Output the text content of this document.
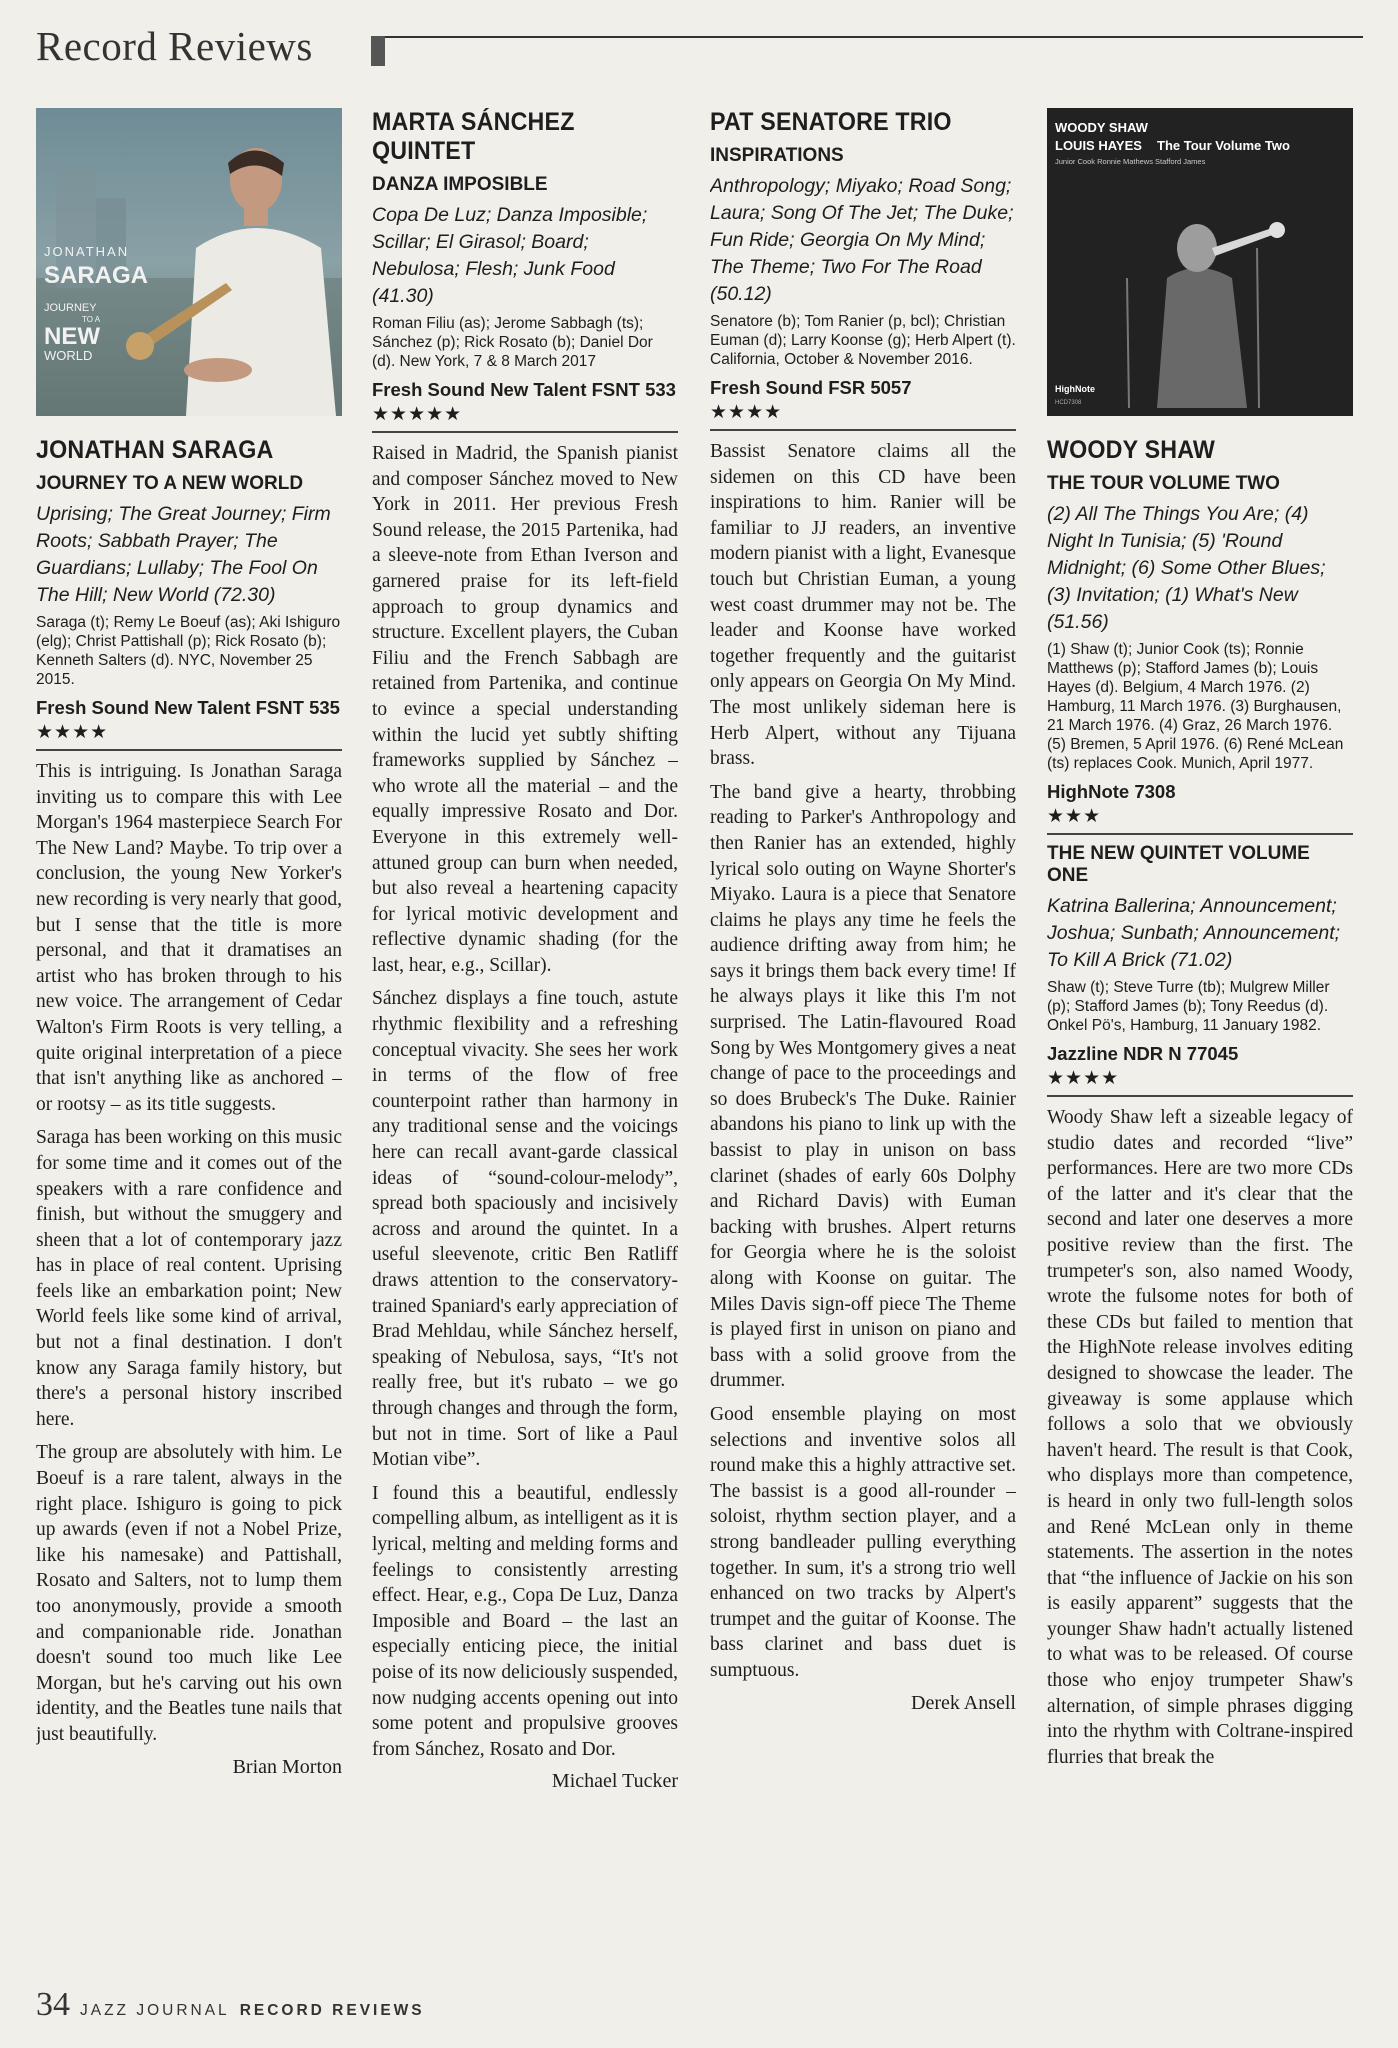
Record Reviews
JONATHAN
SARAGA
JOURNEY
TO A
NEW
WORLD
JONATHAN SARAGA
JOURNEY TO A NEW WORLD
Uprising; The Great Journey; Firm Roots; Sabbath Prayer; The Guardians; Lullaby; The Fool On The Hill; New World (72.30)
Saraga (t); Remy Le Boeuf (as); Aki Ishiguro (elg); Christ Pattishall (p); Rick Rosato (b); Kenneth Salters (d). NYC, November 25 2015.
Fresh Sound New Talent FSNT 535
★★★★

This is intriguing. Is Jonathan Saraga inviting us to compare this with Lee Morgan's 1964 masterpiece Search For The New Land? Maybe. To trip over a conclusion, the young New Yorker's new recording is very nearly that good, but I sense that the title is more personal, and that it dramatises an artist who has broken through to his new voice. The arrangement of Cedar Walton's Firm Roots is very telling, a quite original interpretation of a piece that isn't anything like as anchored – or rootsy – as its title suggests.

Saraga has been working on this music for some time and it comes out of the speakers with a rare confidence and finish, but without the smuggery and sheen that a lot of contemporary jazz has in place of real content. Uprising feels like an embarkation point; New World feels like some kind of arrival, but not a final destination. I don't know any Saraga family history, but there's a personal history inscribed here.

The group are absolutely with him. Le Boeuf is a rare talent, always in the right place. Ishiguro is going to pick up awards (even if not a Nobel Prize, like his namesake) and Pattishall, Rosato and Salters, not to lump them too anonymously, provide a smooth and companionable ride. Jonathan doesn't sound too much like Lee Morgan, but he's carving out his own identity, and the Beatles tune nails that just beautifully.

Brian Morton
MARTA SÁNCHEZ QUINTET
DANZA IMPOSIBLE
Copa De Luz; Danza Imposible; Scillar; El Girasol; Board; Nebulosa; Flesh; Junk Food (41.30)
Roman Filiu (as); Jerome Sabbagh (ts); Sánchez (p); Rick Rosato (b); Daniel Dor (d). New York, 7 & 8 March 2017
Fresh Sound New Talent FSNT 533
★★★★★

Raised in Madrid, the Spanish pianist and composer Sánchez moved to New York in 2011. Her previous Fresh Sound release, the 2015 Partenika, had a sleeve-note from Ethan Iverson and garnered praise for its left-field approach to group dynamics and structure. Excellent players, the Cuban Filiu and the French Sabbagh are retained from Partenika, and continue to evince a special understanding within the lucid yet subtly shifting frameworks supplied by Sánchez – who wrote all the material – and the equally impressive Rosato and Dor. Everyone in this extremely well-attuned group can burn when needed, but also reveal a heartening capacity for lyrical motivic development and reflective dynamic shading (for the last, hear, e.g., Scillar).

Sánchez displays a fine touch, astute rhythmic flexibility and a refreshing conceptual vivacity. She sees her work in terms of the flow of free counterpoint rather than harmony in any traditional sense and the voicings here can recall avant-garde classical ideas of “sound-colour-melody”, spread both spaciously and incisively across and around the quintet. In a useful sleevenote, critic Ben Ratliff draws attention to the conservatory-trained Spaniard's early appreciation of Brad Mehldau, while Sánchez herself, speaking of Nebulosa, says, “It's not really free, but it's rubato – we go through changes and through the form, but not in time. Sort of like a Paul Motian vibe”.

I found this a beautiful, endlessly compelling album, as intelligent as it is lyrical, melting and melding forms and feelings to consistently arresting effect. Hear, e.g., Copa De Luz, Danza Imposible and Board – the last an especially enticing piece, the initial poise of its now deliciously suspended, now nudging accents opening out into some potent and propulsive grooves from Sánchez, Rosato and Dor.

Michael Tucker
PAT SENATORE TRIO
INSPIRATIONS
Anthropology; Miyako; Road Song; Laura; Song Of The Jet; The Duke; Fun Ride; Georgia On My Mind; The Theme; Two For The Road (50.12)
Senatore (b); Tom Ranier (p, bcl); Christian Euman (d); Larry Koonse (g); Herb Alpert (t). California, October & November 2016.
Fresh Sound FSR 5057
★★★★

Bassist Senatore claims all the sidemen on this CD have been inspirations to him. Ranier will be familiar to JJ readers, an inventive modern pianist with a light, Evanesque touch but Christian Euman, a young west coast drummer may not be. The leader and Koonse have worked together frequently and the guitarist only appears on Georgia On My Mind. The most unlikely sideman here is Herb Alpert, without any Tijuana brass.

The band give a hearty, throbbing reading to Parker's Anthropology and then Ranier has an extended, highly lyrical solo outing on Wayne Shorter's Miyako. Laura is a piece that Senatore claims he plays any time he feels the audience drifting away from him; he says it brings them back every time! If he always plays it like this I'm not surprised. The Latin-flavoured Road Song by Wes Montgomery gives a neat change of pace to the proceedings and so does Brubeck's The Duke. Rainier abandons his piano to link up with the bassist to play in unison on bass clarinet (shades of early 60s Dolphy and Richard Davis) with Euman backing with brushes. Alpert returns for Georgia where he is the soloist along with Koonse on guitar. The Miles Davis sign-off piece The Theme is played first in unison on piano and bass with a solid groove from the drummer.

Good ensemble playing on most selections and inventive solos all round make this a highly attractive set. The bassist is a good all-rounder – soloist, rhythm section player, and a strong bandleader pulling everything together. In sum, it's a strong trio well enhanced on two tracks by Alpert's trumpet and the guitar of Koonse. The bass clarinet and bass duet is sumptuous.

Derek Ansell
WOODY SHAW
LOUIS HAYES The Tour Volume Two
Junior Cook Ronnie Mathews Stafford James
HighNote
HCD7308
WOODY SHAW
THE TOUR VOLUME TWO
(2) All The Things You Are; (4) Night In Tunisia; (5) 'Round Midnight; (6) Some Other Blues; (3) Invitation; (1) What's New (51.56)
(1) Shaw (t); Junior Cook (ts); Ronnie Matthews (p); Stafford James (b); Louis Hayes (d). Belgium, 4 March 1976. (2) Hamburg, 11 March 1976. (3) Burghausen, 21 March 1976. (4) Graz, 26 March 1976. (5) Bremen, 5 April 1976. (6) René McLean (ts) replaces Cook. Munich, April 1977.
HighNote 7308
★★★
THE NEW QUINTET VOLUME ONE
Katrina Ballerina; Announcement; Joshua; Sunbath; Announcement; To Kill A Brick (71.02)
Shaw (t); Steve Turre (tb); Mulgrew Miller (p); Stafford James (b); Tony Reedus (d). Onkel Pö's, Hamburg, 11 January 1982.
Jazzline NDR N 77045
★★★★

Woody Shaw left a sizeable legacy of studio dates and recorded “live” performances. Here are two more CDs of the latter and it's clear that the second and later one deserves a more positive review than the first. The trumpeter's son, also named Woody, wrote the fulsome notes for both of these CDs but failed to mention that the HighNote release involves editing designed to showcase the leader. The giveaway is some applause which follows a solo that we obviously haven't heard. The result is that Cook, who displays more than competence, is heard in only two full-length solos and René McLean only in theme statements. The assertion in the notes that “the influence of Jackie on his son is easily apparent” suggests that the younger Shaw hadn't actually listened to what was to be released. Of course those who enjoy trumpeter Shaw's alternation, of simple phrases digging into the rhythm with Coltrane-inspired flurries that break the

34 JAZZ JOURNAL RECORD REVIEWS
